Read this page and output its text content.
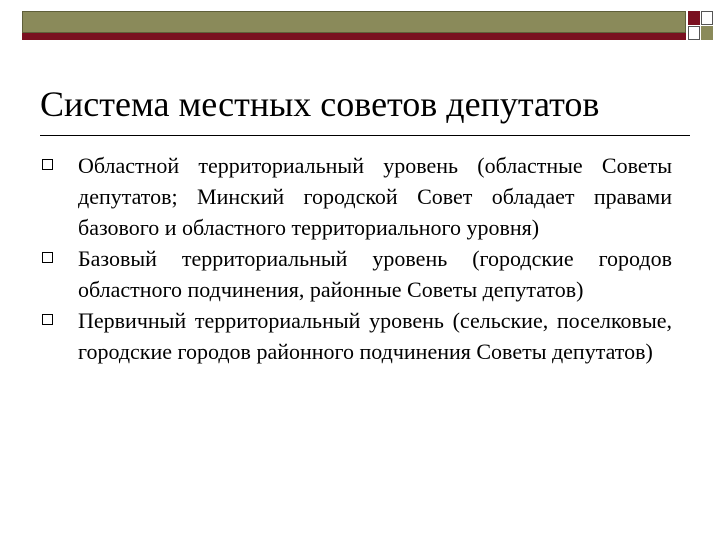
Система местных советов депутатов
Областной территориальный уровень (областные Советы депутатов; Минский городской Совет обладает правами базового и областного территориального уровня)
Базовый территориальный уровень (городские городов областного подчинения, районные Советы депутатов)
Первичный территориальный уровень (сельские, поселковые, городские городов районного подчинения Советы депутатов)
